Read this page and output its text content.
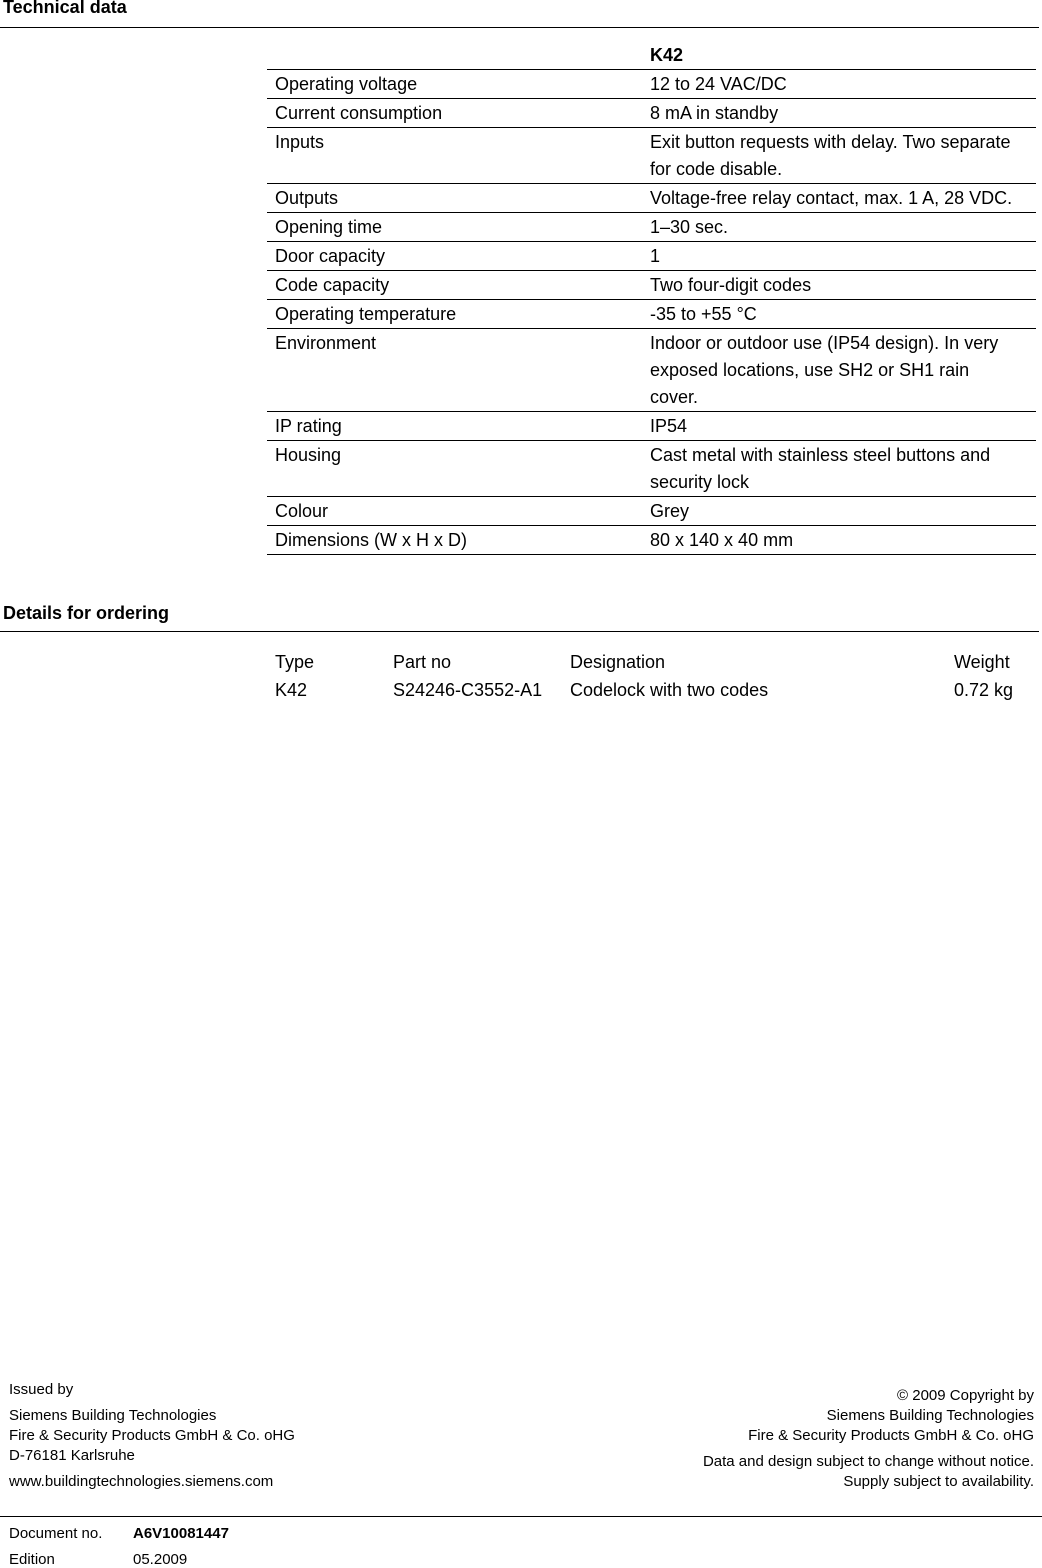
Technical data
K42
Operating voltage	12 to 24 VAC/DC
Current consumption	8 mA in standby
Inputs	Exit button requests with delay. Two separate for code disable.
Outputs	Voltage-free relay contact, max. 1 A, 28 VDC.
Opening time	1–30 sec.
Door capacity	1
Code capacity	Two four-digit codes
Operating temperature	-35 to +55 °C
Environment	Indoor or outdoor use (IP54 design). In very exposed locations, use SH2 or SH1 rain cover.
IP rating	IP54
Housing	Cast metal with stainless steel buttons and security lock
Colour	Grey
Dimensions (W x H x D)	80 x 140 x 40 mm
Details for ordering
Type	Part no	Designation	Weight
K42	S24246-C3552-A1	Codelock with two codes	0.72 kg
Issued by
Siemens Building Technologies
Fire & Security Products GmbH & Co. oHG
D-76181 Karlsruhe
www.buildingtechnologies.siemens.com
© 2009 Copyright by
Siemens Building Technologies
Fire & Security Products GmbH & Co. oHG
Data and design subject to change without notice.
Supply subject to availability.
Document no. A6V10081447
Edition	05.2009
